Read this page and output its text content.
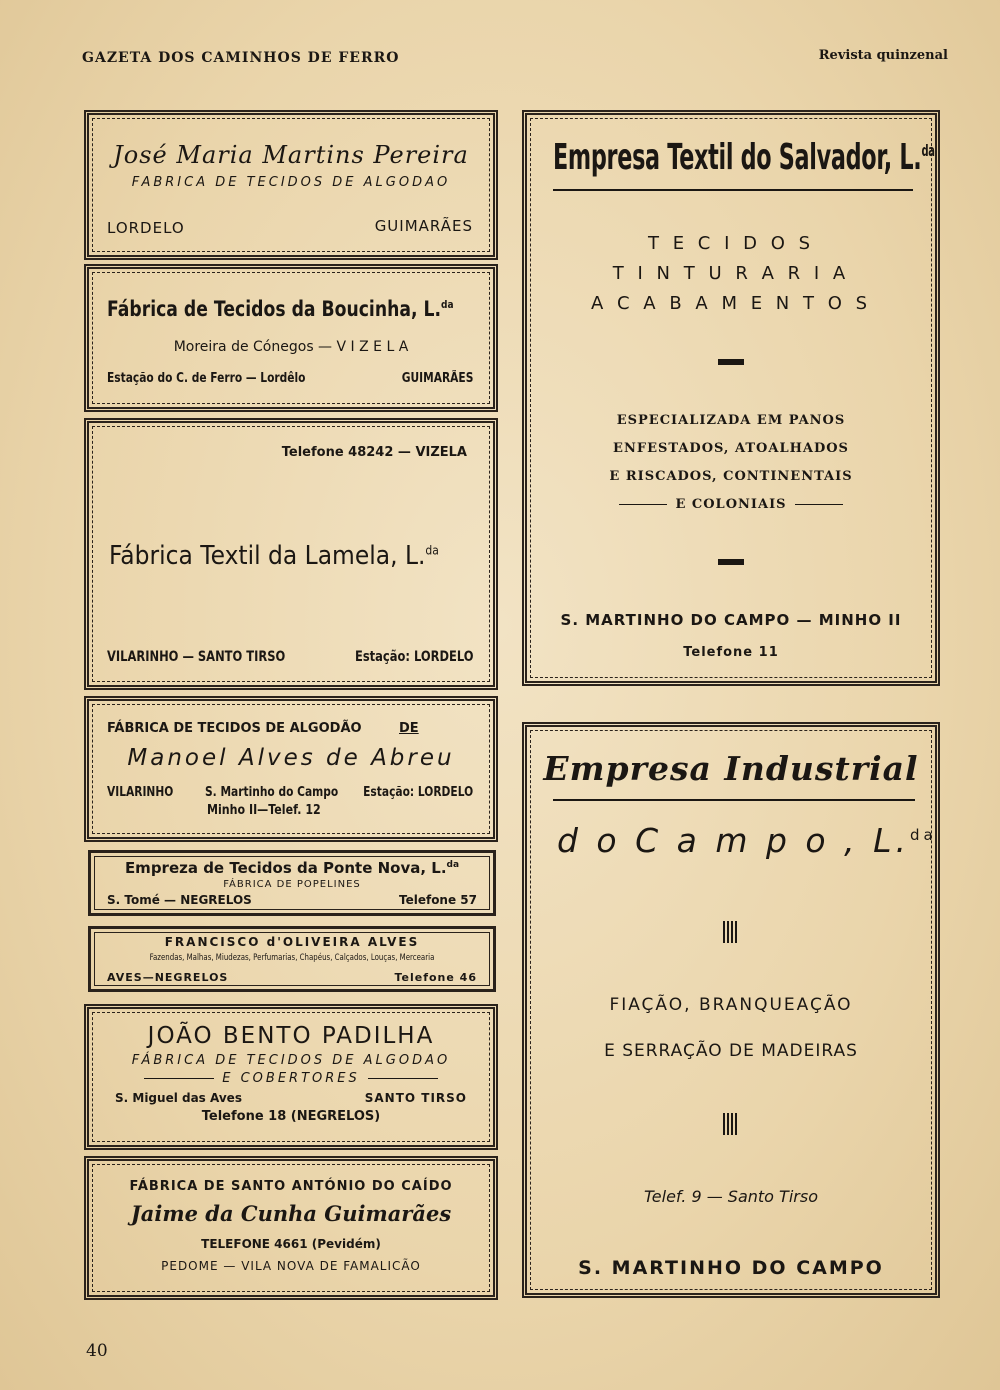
GAZETA DOS CAMINHOS DE FERRO	Revista quinzenal
José Maria Martins Pereira
FABRICA DE TECIDOS DE ALGODAO
LORDELO	GUIMARÃES
Fábrica de Tecidos da Boucinha, L.$^{da}$
Moreira de Cónegos — V I Z E L A
Estação do C. de Ferro — Lordêlo	GUIMARÃES
Telefone 48242 — VIZELA
Fábrica Textil da Lamela, L.$^{da}$
VILARINHO — SANTO TIRSO	Estação: LORDELO
FÁBRICA DE TECIDOS DE ALGODÃO	DE
Manoel Alves de Abreu
VILARINHO S. Martinho do Campo
Minho II—Telef. 12
Estação: LORDELO
Empreza de Tecidos da Ponte Nova, L.$^{da}$
FÁBRICA DE POPELINES
S. Tomé — NEGRELOS	Telefone 57
FRANCISCO d'OLIVEIRA ALVES
Fazendas, Malhas, Miudezas, Perfumarias, Chapéus, Calçados, Louças, Mercearia
AVES—NEGRELOS	Telefone 46
JOÃO BENTO PADILHA
FÁBRICA DE TECIDOS DE ALGODAO
E COBERTORES
S. Miguel das Aves	SANTO TIRSO
Telefone 18 (NEGRELOS)
FÁBRICA DE SANTO ANTÓNIO DO CAÍDO
Jaime da Cunha Guimarães
TELEFONE 4661 (Pevidém)
PEDOME — VILA NOVA DE FAMALICÃO
Empresa Textil do Salvador, L.$^{da}$
T E C I D O S
T I N T U R A R I A
A C A B A M E N T O S
ESPECIALIZADA EM PANOS
ENFESTADOS, ATOALHADOS
E RISCADOS, CONTINENTAIS
E COLONIAIS
S. MARTINHO DO CAMPO — MINHO II
Telefone 11
Empresa Industrial
d o C a m p o , L.$^{da}$
FIAÇÃO, BRANQUEAÇÃO
E SERRAÇÃO DE MADEIRAS
Telef. 9 — Santo Tirso
S. MARTINHO DO CAMPO
40
